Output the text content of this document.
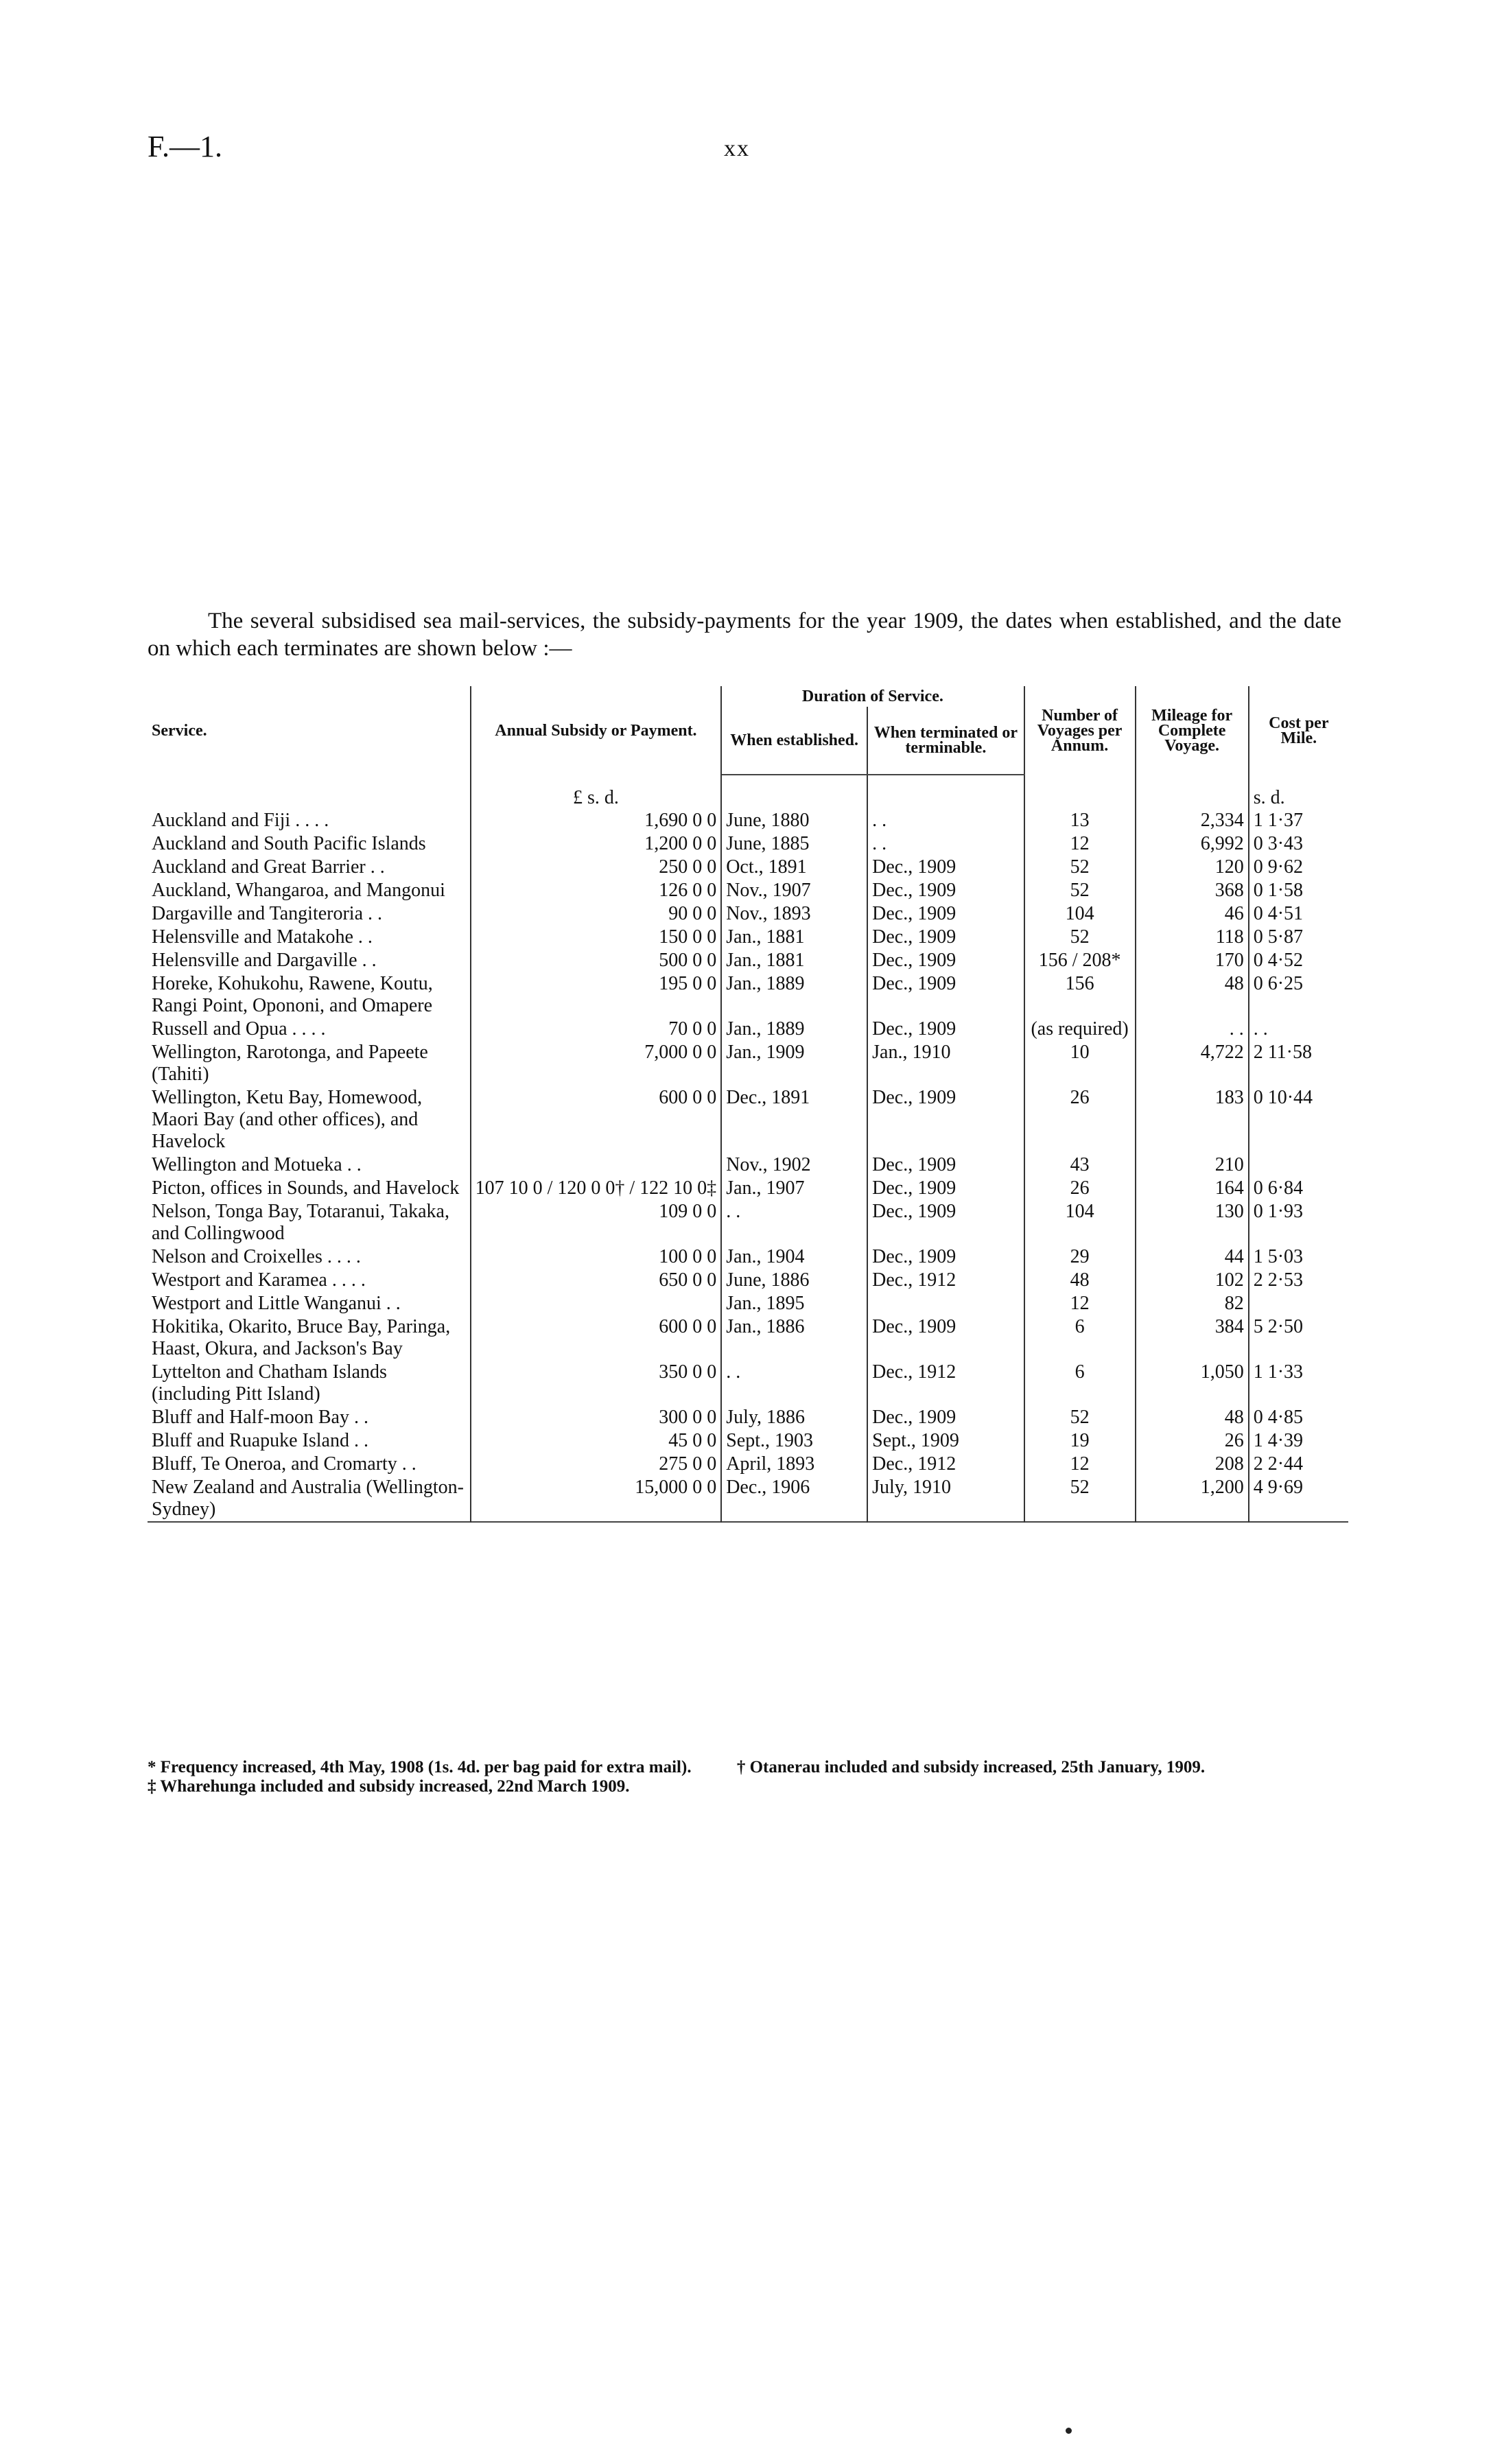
F.—1.	xx
The several subsidised sea mail-services, the subsidy-payments for the year 1909, the dates when established, and the date on which each terminates are shown below :—
Service.	Annual Subsidy or Payment.	Duration of Service.		Number of Voyages per Annum.	Mileage for Complete Voyage.	Cost per Mile.
		When established.	When terminated or terminable.			
	£ s. d.					s. d.
Auckland and Fiji . . . .	1,690 0 0	June, 1880	. .	13	2,334	1 1·37
Auckland and South Pacific Islands	1,200 0 0	June, 1885	. .	12	6,992	0 3·43
Auckland and Great Barrier . .	250 0 0	Oct., 1891	Dec., 1909	52	120	0 9·62
Auckland, Whangaroa, and Mangonui	126 0 0	Nov., 1907	Dec., 1909	52	368	0 1·58
Dargaville and Tangiteroria . .	90 0 0	Nov., 1893	Dec., 1909	104	46	0 4·51
Helensville and Matakohe . .	150 0 0	Jan., 1881	Dec., 1909	52	118	0 5·87
Helensville and Dargaville . .	500 0 0	Jan., 1881	Dec., 1909	156 / 208*	170	0 4·52
Horeke, Kohukohu, Rawene, Koutu, Rangi Point, Opononi, and Omapere	195 0 0	Jan., 1889	Dec., 1909	156	48	0 6·25
Russell and Opua . . . .	70 0 0	Jan., 1889	Dec., 1909	(as required)	. .	. .
Wellington, Rarotonga, and Papeete (Tahiti)	7,000 0 0	Jan., 1909	Jan., 1910	10	4,722	2 11·58
Wellington, Ketu Bay, Homewood, Maori Bay (and other offices), and Havelock	600 0 0	Dec., 1891	Dec., 1909	26	183	0 10·44
Wellington and Motueka . .		Nov., 1902	Dec., 1909	43	210	
Picton, offices in Sounds, and Havelock	107 10 0 / 120 0 0† / 122 10 0‡	Jan., 1907	Dec., 1909	26	164	0 6·84
Nelson, Tonga Bay, Totaranui, Takaka, and Collingwood	109 0 0	. .	Dec., 1909	104	130	0 1·93
Nelson and Croixelles . . . .	100 0 0	Jan., 1904	Dec., 1909	29	44	1 5·03
Westport and Karamea . . . .	650 0 0	June, 1886	Dec., 1912	48	102	2 2·53
Westport and Little Wanganui . .		Jan., 1895		12	82	
Hokitika, Okarito, Bruce Bay, Paringa, Haast, Okura, and Jackson's Bay	600 0 0	Jan., 1886	Dec., 1909	6	384	5 2·50
Lyttelton and Chatham Islands (including Pitt Island)	350 0 0	. .	Dec., 1912	6	1,050	1 1·33
Bluff and Half-moon Bay . .	300 0 0	July, 1886	Dec., 1909	52	48	0 4·85
Bluff and Ruapuke Island . .	45 0 0	Sept., 1903	Sept., 1909	19	26	1 4·39
Bluff, Te Oneroa, and Cromarty . .	275 0 0	April, 1893	Dec., 1912	12	208	2 2·44
New Zealand and Australia (Wellington-Sydney)	15,000 0 0	Dec., 1906	July, 1910	52	1,200	4 9·69

* Frequency increased, 4th May, 1908 (1s. 4d. per bag paid for extra mail).	† Otanerau included and subsidy increased, 25th January, 1909.
‡ Wharehunga included and subsidy increased, 22nd March 1909.
